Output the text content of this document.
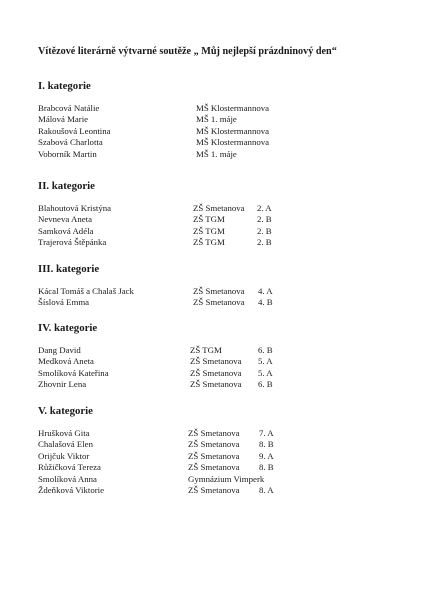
Vítězové literárně výtvarné soutěže „ Můj nejlepší prázdninový den“
I. kategorie
Brabcová Natálie	MŠ Klostermannova
Málová Marie	MŠ 1. máje
Rakoušová Leontina	MŠ Klostermannova
Szabová Charlotta	MŠ Klostermannova
Voborník Martin	MŠ 1. máje
II. kategorie
Blahoutová Kristýna	ZŠ Smetanova 2. A
Nevneva Aneta	ZŠ TGM	2. B
Samková Adéla	ZŠ TGM	2. B
Trajerová Štěpánka	ZŠ TGM	2. B
III. kategorie
Kácal Tomáš a Chalaš Jack	ZŠ Smetanova 4. A
Šíslová Emma	ZŠ Smetanova 4. B
IV. kategorie
Dang David	ZŠ TGM	6. B
Medková Aneta	ZŠ Smetanova 5. A
Smolíková Kateřina	ZŠ Smetanova 5. A
Zhovnir Lena	ZŠ Smetanova 6. B
V. kategorie
Hrušková Gita	ZŠ Smetanova 7. A
Chalašová Elen	ZŠ Smetanova 8. B
Orijčuk Viktor	ZŠ Smetanova 9. A
Růžičková Tereza	ZŠ Smetanova 8. B
Smolíková Anna	Gymnázium Vimperk
Ždeňková Viktorie	ZŠ Smetanova 8. A
